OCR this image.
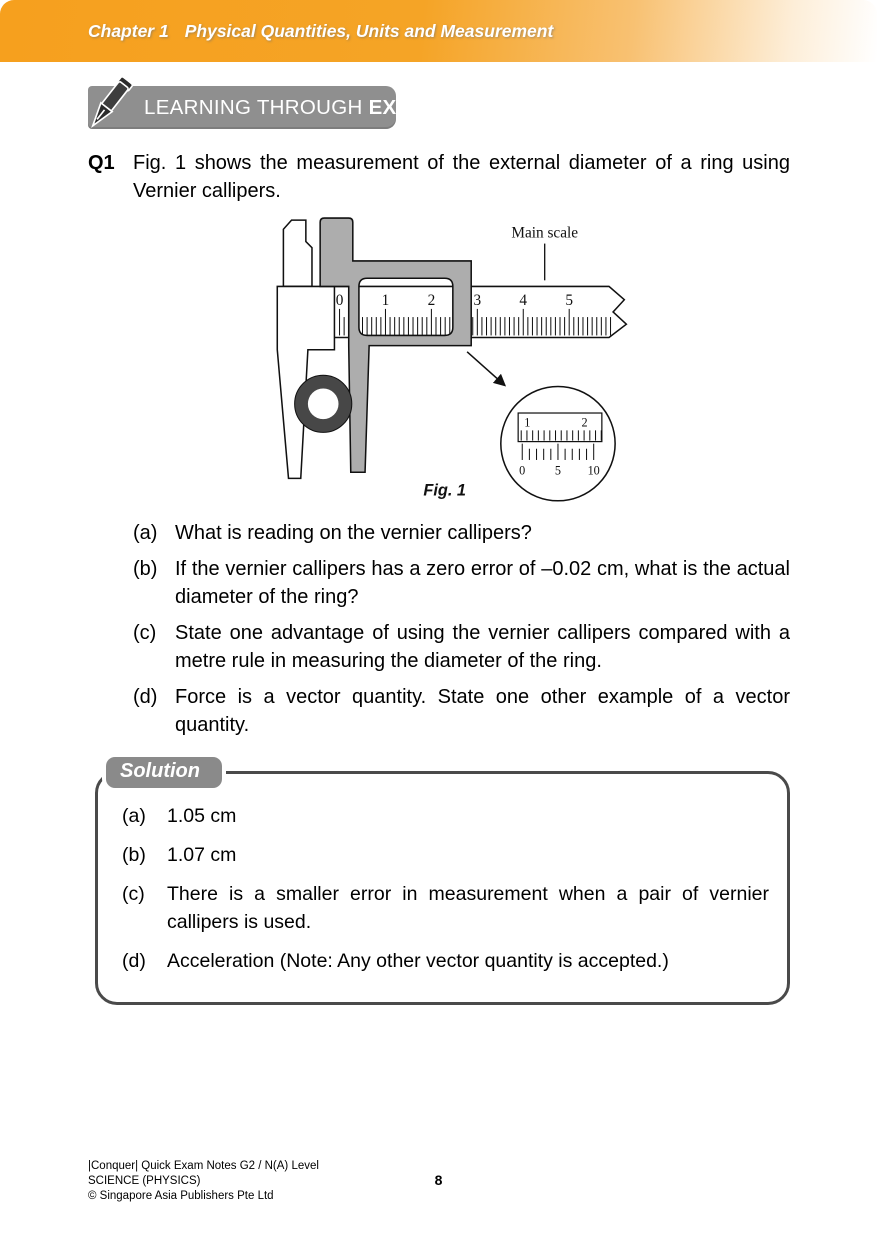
Chapter 1 Physical Quantities, Units and Measurement
LEARNING THROUGH EXAMPLES
Q1 Fig. 1 shows the measurement of the external diameter of a ring using Vernier callipers.
0	1	2	3	4	5
Main scale
1	2
0 5 10
Fig. 1
(a) What is reading on the vernier callipers?
(b) If the vernier callipers has a zero error of –0.02 cm, what is the actual diameter of the ring?
(c) State one advantage of using the vernier callipers compared with a metre rule in measuring the diameter of the ring.
(d) Force is a vector quantity. State one other example of a vector quantity.
Solution
(a)	1.05 cm
(b)	1.07 cm
(c)	There is a smaller error in measurement when a pair of vernier callipers is used.
(d)	Acceleration (Note: Any other vector quantity is accepted.)
|Conquer| Quick Exam Notes G2 / N(A) Level
SCIENCE (PHYSICS)
© Singapore Asia Publishers Pte Ltd
8
